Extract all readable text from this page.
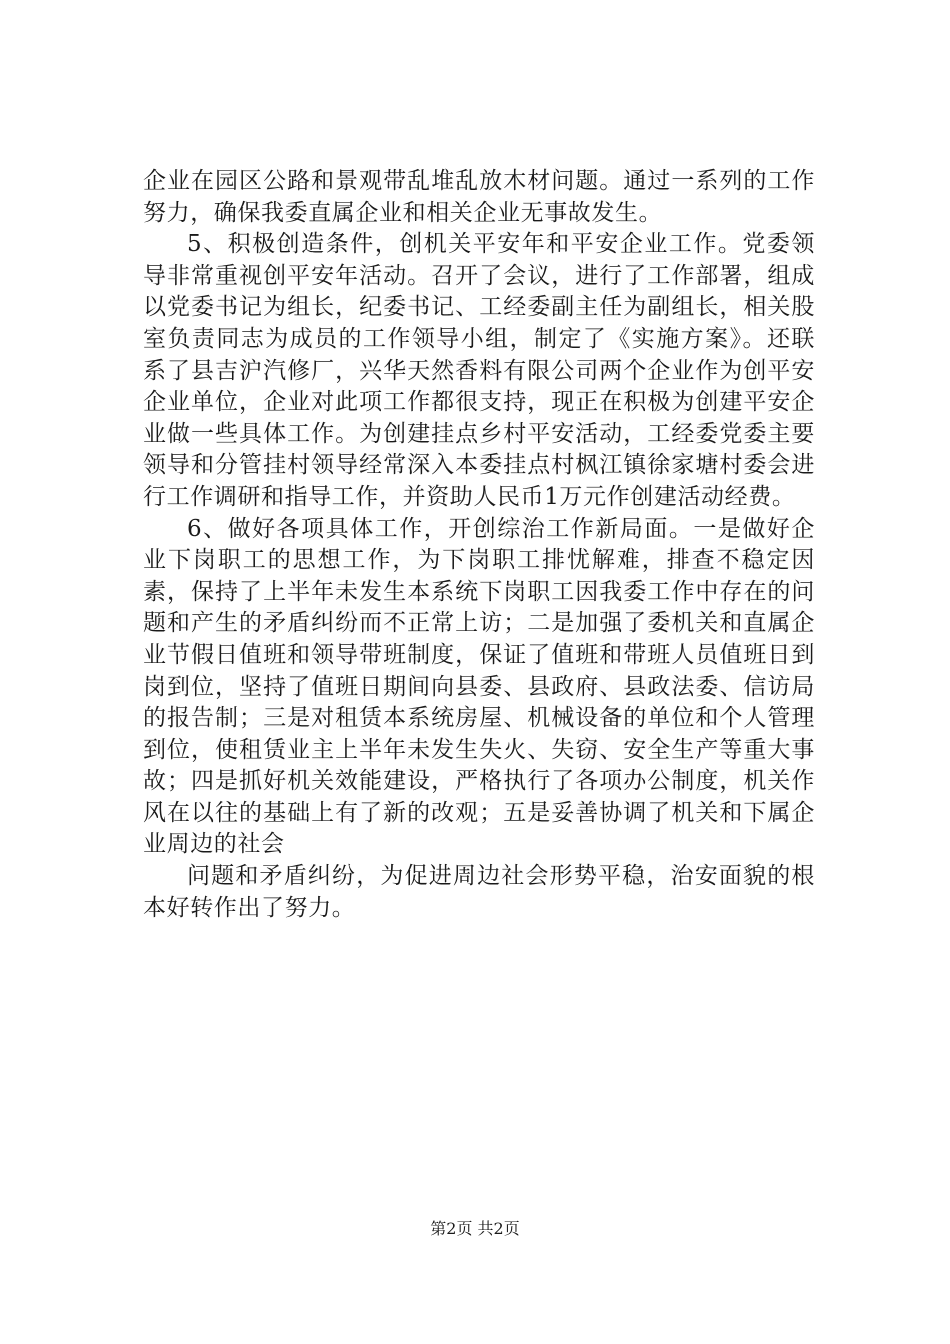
企业在园区公路和景观带乱堆乱放木材问题。通过一系列的工作努力，确保我委直属企业和相关企业无事故发生。

5、积极创造条件，创机关平安年和平安企业工作。党委领导非常重视创平安年活动。召开了会议，进行了工作部署，组成以党委书记为组长，纪委书记、工经委副主任为副组长，相关股室负责同志为成员的工作领导小组，制定了《实施方案》。还联系了县吉沪汽修厂，兴华天然香料有限公司两个企业作为创平安企业单位，企业对此项工作都很支持，现正在积极为创建平安企业做一些具体工作。为创建挂点乡村平安活动，工经委党委主要领导和分管挂村领导经常深入本委挂点村枫江镇徐家塘村委会进行工作调研和指导工作，并资助人民币1万元作创建活动经费。

6、做好各项具体工作，开创综治工作新局面。一是做好企业下岗职工的思想工作，为下岗职工排忧解难，排查不稳定因素，保持了上半年未发生本系统下岗职工因我委工作中存在的问题和产生的矛盾纠纷而不正常上访；二是加强了委机关和直属企业节假日值班和领导带班制度，保证了值班和带班人员值班日到岗到位，坚持了值班日期间向县委、县政府、县政法委、信访局的报告制；三是对租赁本系统房屋、机械设备的单位和个人管理到位，使租赁业主上半年未发生失火、失窃、安全生产等重大事故；四是抓好机关效能建设，严格执行了各项办公制度，机关作风在以往的基础上有了新的改观；五是妥善协调了机关和下属企业周边的社会

问题和矛盾纠纷，为促进周边社会形势平稳，治安面貌的根本好转作出了努力。

第2页 共2页
